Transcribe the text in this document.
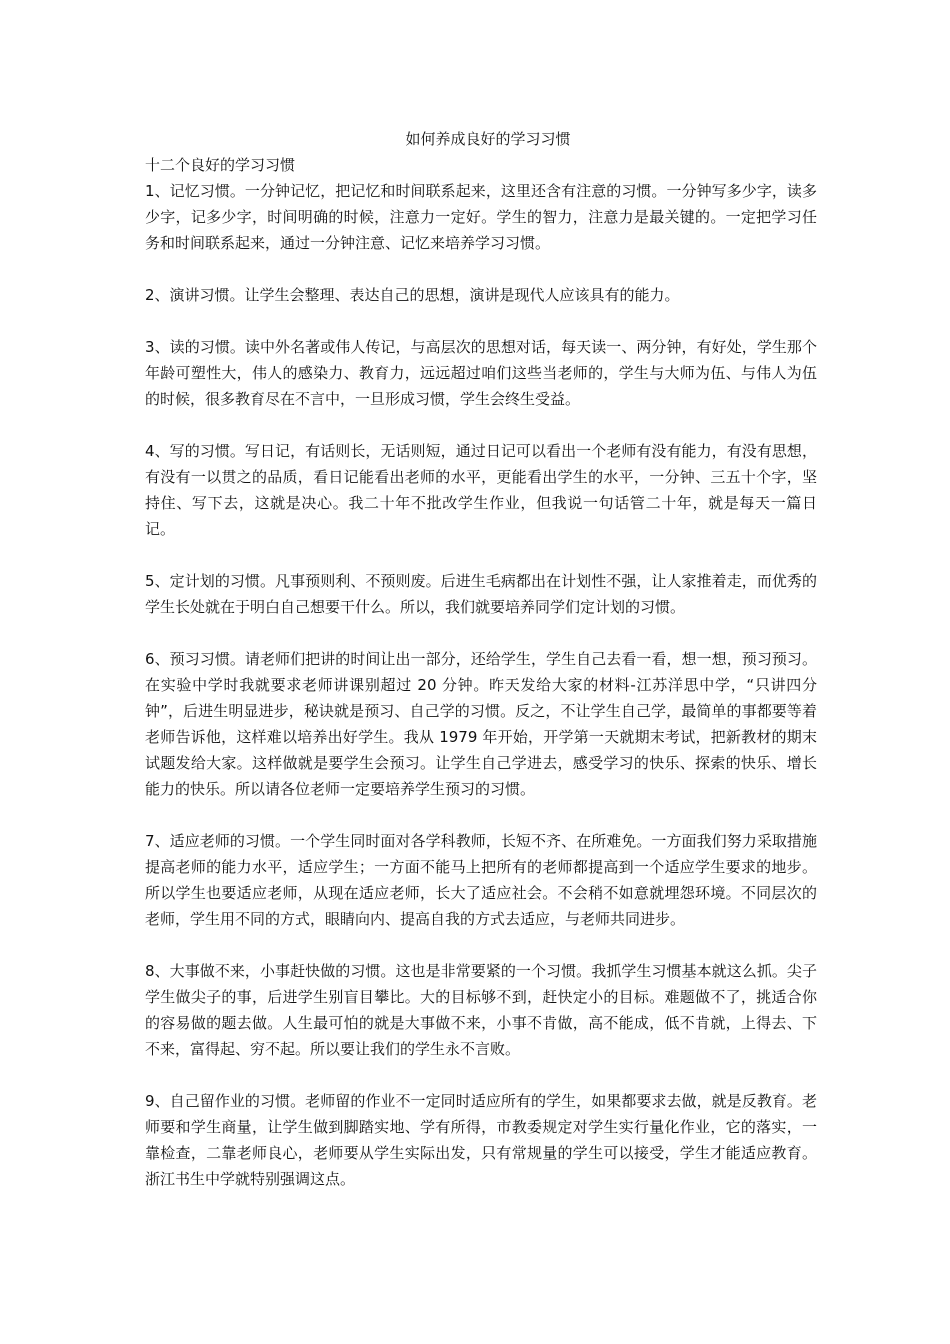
如何养成良好的学习习惯
十二个良好的学习习惯

1、记忆习惯。一分钟记忆，把记忆和时间联系起来，这里还含有注意的习惯。一分钟写多少字，读多少字，记多少字，时间明确的时候，注意力一定好。学生的智力，注意力是最关键的。一定把学习任务和时间联系起来，通过一分钟注意、记忆来培养学习习惯。

2、演讲习惯。让学生会整理、表达自己的思想，演讲是现代人应该具有的能力。

3、读的习惯。读中外名著或伟人传记，与高层次的思想对话，每天读一、两分钟，有好处，学生那个年龄可塑性大，伟人的感染力、教育力，远远超过咱们这些当老师的，学生与大师为伍、与伟人为伍的时候，很多教育尽在不言中，一旦形成习惯，学生会终生受益。

4、写的习惯。写日记，有话则长，无话则短，通过日记可以看出一个老师有没有能力，有没有思想，有没有一以贯之的品质，看日记能看出老师的水平，更能看出学生的水平，一分钟、三五十个字，坚持住、写下去，这就是决心。我二十年不批改学生作业，但我说一句话管二十年，就是每天一篇日记。

5、定计划的习惯。凡事预则利、不预则废。后进生毛病都出在计划性不强，让人家推着走，而优秀的学生长处就在于明白自己想要干什么。所以，我们就要培养同学们定计划的习惯。

6、预习习惯。请老师们把讲的时间让出一部分，还给学生，学生自己去看一看，想一想，预习预习。在实验中学时我就要求老师讲课别超过 20 分钟。昨天发给大家的材料-江苏洋思中学，“只讲四分钟”，后进生明显进步，秘诀就是预习、自己学的习惯。反之，不让学生自己学，最简单的事都要等着老师告诉他，这样难以培养出好学生。我从 1979 年开始，开学第一天就期末考试，把新教材的期末试题发给大家。这样做就是要学生会预习。让学生自己学进去，感受学习的快乐、探索的快乐、增长能力的快乐。所以请各位老师一定要培养学生预习的习惯。

7、适应老师的习惯。一个学生同时面对各学科教师，长短不齐、在所难免。一方面我们努力采取措施提高老师的能力水平，适应学生；一方面不能马上把所有的老师都提高到一个适应学生要求的地步。所以学生也要适应老师，从现在适应老师，长大了适应社会。不会稍不如意就埋怨环境。不同层次的老师，学生用不同的方式，眼睛向内、提高自我的方式去适应，与老师共同进步。

8、大事做不来，小事赶快做的习惯。这也是非常要紧的一个习惯。我抓学生习惯基本就这么抓。尖子学生做尖子的事，后进学生别盲目攀比。大的目标够不到，赶快定小的目标。难题做不了，挑适合你的容易做的题去做。人生最可怕的就是大事做不来，小事不肯做，高不能成，低不肯就，上得去、下不来，富得起、穷不起。所以要让我们的学生永不言败。

9、自己留作业的习惯。老师留的作业不一定同时适应所有的学生，如果都要求去做，就是反教育。老师要和学生商量，让学生做到脚踏实地、学有所得，市教委规定对学生实行量化作业，它的落实，一靠检查，二靠老师良心，老师要从学生实际出发，只有常规量的学生可以接受，学生才能适应教育。浙江书生中学就特别强调这点。
